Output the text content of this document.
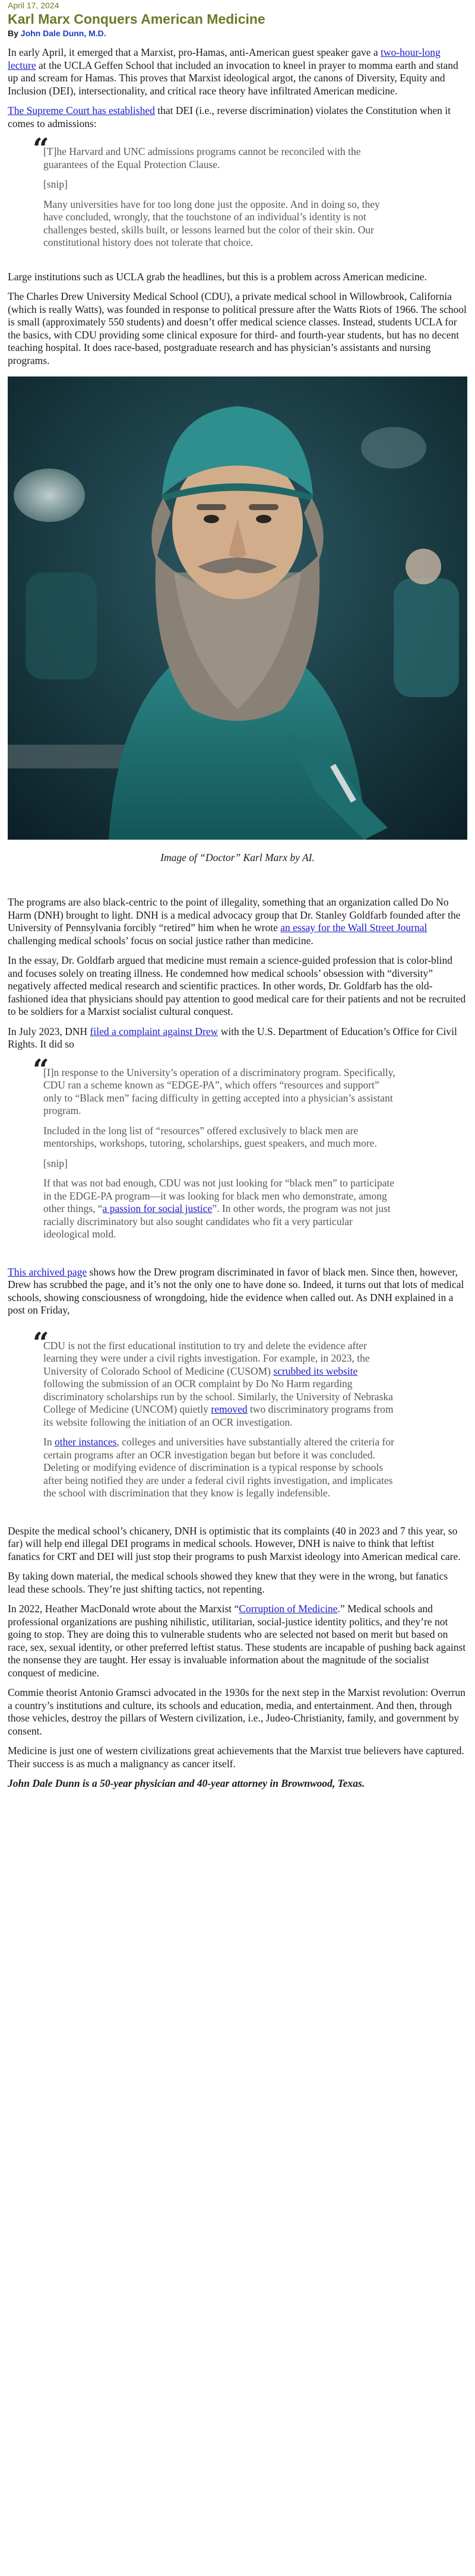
April 17, 2024
Karl Marx Conquers American Medicine
By John Dale Dunn, M.D.

In early April, it emerged that a Marxist, pro-Hamas, anti-American guest speaker gave a two-hour-long lecture at the UCLA Geffen School that included an invocation to kneel in prayer to momma earth and stand up and scream for Hamas. This proves that Marxist ideological argot, the canons of Diversity, Equity and Inclusion (DEI), intersectionality, and critical race theory have infiltrated American medicine.

The Supreme Court has established that DEI (i.e., reverse discrimination) violates the Constitution when it comes to admissions:

“

[T]he Harvard and UNC admissions programs cannot be reconciled with the guarantees of the Equal Protection Clause.

[snip]

Many universities have for too long done just the opposite. And in doing so, they have concluded, wrongly, that the touchstone of an individual’s identity is not challenges bested, skills built, or lessons learned but the color of their skin. Our constitutional history does not tolerate that choice.

Large institutions such as UCLA grab the headlines, but this is a problem across American medicine.

The Charles Drew University Medical School (CDU), a private medical school in Willowbrook, California (which is really Watts), was founded in response to political pressure after the Watts Riots of 1966. The school is small (approximately 550 students) and doesn’t offer medical science classes. Instead, students UCLA for the basics, with CDU providing some clinical exposure for third- and fourth-year students, but has no decent teaching hospital. It does race-based, postgraduate research and has physician’s assistants and nursing programs.

Image of “Doctor” Karl Marx by AI.

The programs are also black-centric to the point of illegality, something that an organization called Do No Harm (DNH) brought to light. DNH is a medical advocacy group that Dr. Stanley Goldfarb founded after the University of Pennsylvania forcibly “retired” him when he wrote an essay for the Wall Street Journal challenging medical schools’ focus on social justice rather than medicine.

In the essay, Dr. Goldfarb argued that medicine must remain a science-guided profession that is color-blind and focuses solely on treating illness. He condemned how medical schools’ obsession with “diversity” negatively affected medical research and scientific practices. In other words, Dr. Goldfarb has the old-fashioned idea that physicians should pay attention to good medical care for their patients and not be recruited to be soldiers for a Marxist socialist cultural conquest.

In July 2023, DNH filed a complaint against Drew with the U.S. Department of Education’s Office for Civil Rights. It did so

“

[I]n response to the University’s operation of a discriminatory program. Specifically, CDU ran a scheme known as “EDGE-PA”, which offers “resources and support” only to “Black men” facing difficulty in getting accepted into a physician’s assistant program.

Included in the long list of “resources” offered exclusively to black men are mentorships, workshops, tutoring, scholarships, guest speakers, and much more.

[snip]

If that was not bad enough, CDU was not just looking for “black men” to participate in the EDGE-PA program—it was looking for black men who demonstrate, among other things, “a passion for social justice”. In other words, the program was not just racially discriminatory but also sought candidates who fit a very particular ideological mold.

This archived page shows how the Drew program discriminated in favor of black men. Since then, however, Drew has scrubbed the page, and it’s not the only one to have done so. Indeed, it turns out that lots of medical schools, showing consciousness of wrongdoing, hide the evidence when called out. As DNH explained in a post on Friday,

“

CDU is not the first educational institution to try and delete the evidence after learning they were under a civil rights investigation. For example, in 2023, the University of Colorado School of Medicine (CUSOM) scrubbed its website following the submission of an OCR complaint by Do No Harm regarding discriminatory scholarships run by the school. Similarly, the University of Nebraska College of Medicine (UNCOM) quietly removed two discriminatory programs from its website following the initiation of an OCR investigation.

In other instances, colleges and universities have substantially altered the criteria for certain programs after an OCR investigation began but before it was concluded. Deleting or modifying evidence of discrimination is a typical response by schools after being notified they are under a federal civil rights investigation, and implicates the school with discrimination that they know is legally indefensible.

Despite the medical school’s chicanery, DNH is optimistic that its complaints (40 in 2023 and 7 this year, so far) will help end illegal DEI programs in medical schools. However, DNH is naive to think that leftist fanatics for CRT and DEI will just stop their programs to push Marxist ideology into American medical care.

By taking down material, the medical schools showed they knew that they were in the wrong, but fanatics lead these schools. They’re just shifting tactics, not repenting.

In 2022, Heather MacDonald wrote about the Marxist “Corruption of Medicine.” Medical schools and professional organizations are pushing nihilistic, utilitarian, social-justice identity politics, and they’re not going to stop. They are doing this to vulnerable students who are selected not based on merit but based on race, sex, sexual identity, or other preferred leftist status. These students are incapable of pushing back against the nonsense they are taught. Her essay is invaluable information about the magnitude of the socialist conquest of medicine.

Commie theorist Antonio Gramsci advocated in the 1930s for the next step in the Marxist revolution: Overrun a country’s institutions and culture, its schools and education, media, and entertainment. And then, through those vehicles, destroy the pillars of Western civilization, i.e., Judeo-Christianity, family, and government by consent.

Medicine is just one of western civilizations great achievements that the Marxist true believers have captured. Their success is as much a malignancy as cancer itself.

John Dale Dunn is a 50-year physician and 40-year attorney in Brownwood, Texas.
